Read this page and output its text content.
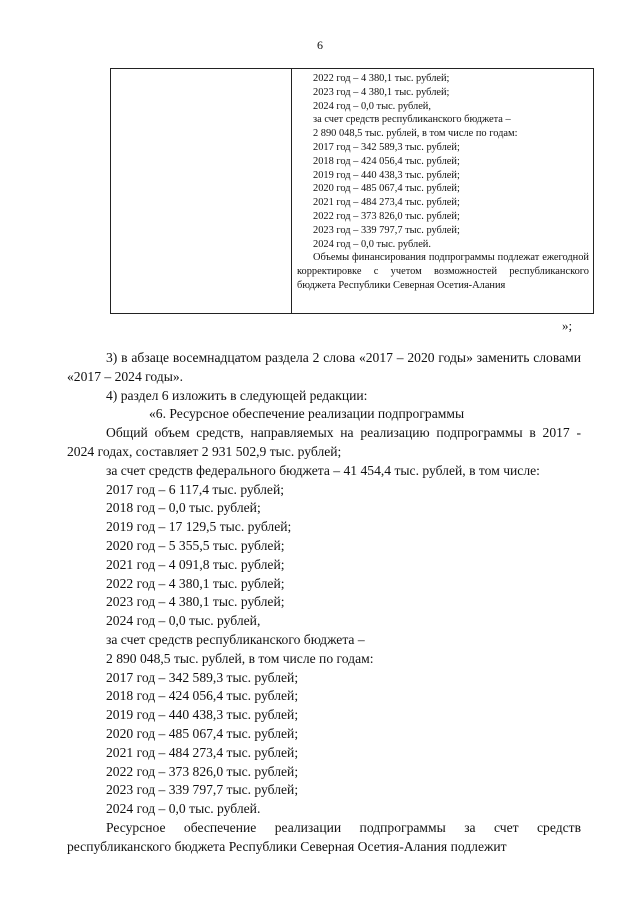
6
2022 год – 4 380,1 тыс. рублей;
2023 год – 4 380,1 тыс. рублей;
2024 год – 0,0 тыс. рублей,
за счет средств республиканского бюджета –
2 890 048,5 тыс. рублей, в том числе по годам:
2017 год – 342 589,3 тыс. рублей;
2018 год – 424 056,4 тыс. рублей;
2019 год – 440 438,3 тыс. рублей;
2020 год – 485 067,4 тыс. рублей;
2021 год – 484 273,4 тыс. рублей;
2022 год – 373 826,0 тыс. рублей;
2023 год – 339 797,7 тыс. рублей;
2024 год – 0,0 тыс. рублей.
Объемы финансирования подпрограммы подлежат ежегодной корректировке с учетом возможностей республиканского бюджета Республики Северная Осетия-Алания
»;
3) в абзаце восемнадцатом раздела 2 слова «2017 – 2020 годы» заменить словами «2017 – 2024 годы».
4) раздел 6 изложить в следующей редакции:
«6. Ресурсное обеспечение реализации подпрограммы
Общий объем средств, направляемых на реализацию подпрограммы в 2017 - 2024 годах, составляет 2 931 502,9 тыс. рублей;
за счет средств федерального бюджета – 41 454,4 тыс. рублей, в том числе:
2017 год – 6 117,4 тыс. рублей;
2018 год – 0,0 тыс. рублей;
2019 год – 17 129,5 тыс. рублей;
2020 год – 5 355,5 тыс. рублей;
2021 год – 4 091,8 тыс. рублей;
2022 год – 4 380,1 тыс. рублей;
2023 год – 4 380,1 тыс. рублей;
2024 год – 0,0 тыс. рублей,
за счет средств республиканского бюджета –
2 890 048,5 тыс. рублей, в том числе по годам:
2017 год – 342 589,3 тыс. рублей;
2018 год – 424 056,4 тыс. рублей;
2019 год – 440 438,3 тыс. рублей;
2020 год – 485 067,4 тыс. рублей;
2021 год – 484 273,4 тыс. рублей;
2022 год – 373 826,0 тыс. рублей;
2023 год – 339 797,7 тыс. рублей;
2024 год – 0,0 тыс. рублей.
Ресурсное обеспечение реализации подпрограммы за счет средств республиканского бюджета Республики Северная Осетия-Алания подлежит
